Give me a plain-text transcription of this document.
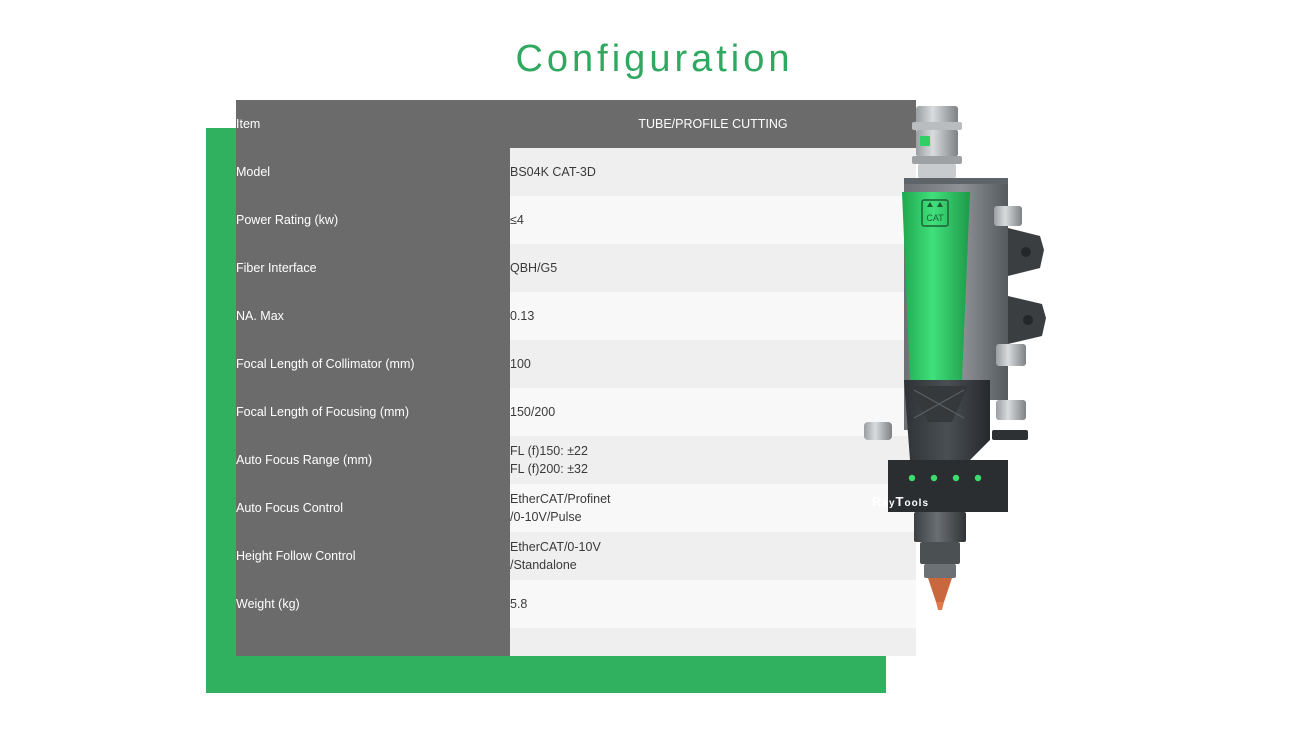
Configuration
Item	TUBE/PROFILE CUTTING
Model	BS04K CAT-3D

Power Rating (kw)	≤4

Fiber Interface	QBH/G5

NA. Max	0.13

Focal Length of Collimator (mm)	100

Focal Length of Focusing (mm)	150/200

Auto Focus Range (mm)	FL (f)150: ±22
FL (f)200: ±32

Auto Focus Control	EtherCAT/Profinet
/0-10V/Pulse

Height Follow Control	EtherCAT/0-10V
/Standalone

Weight (kg)	5.8

CAT
RayTools
